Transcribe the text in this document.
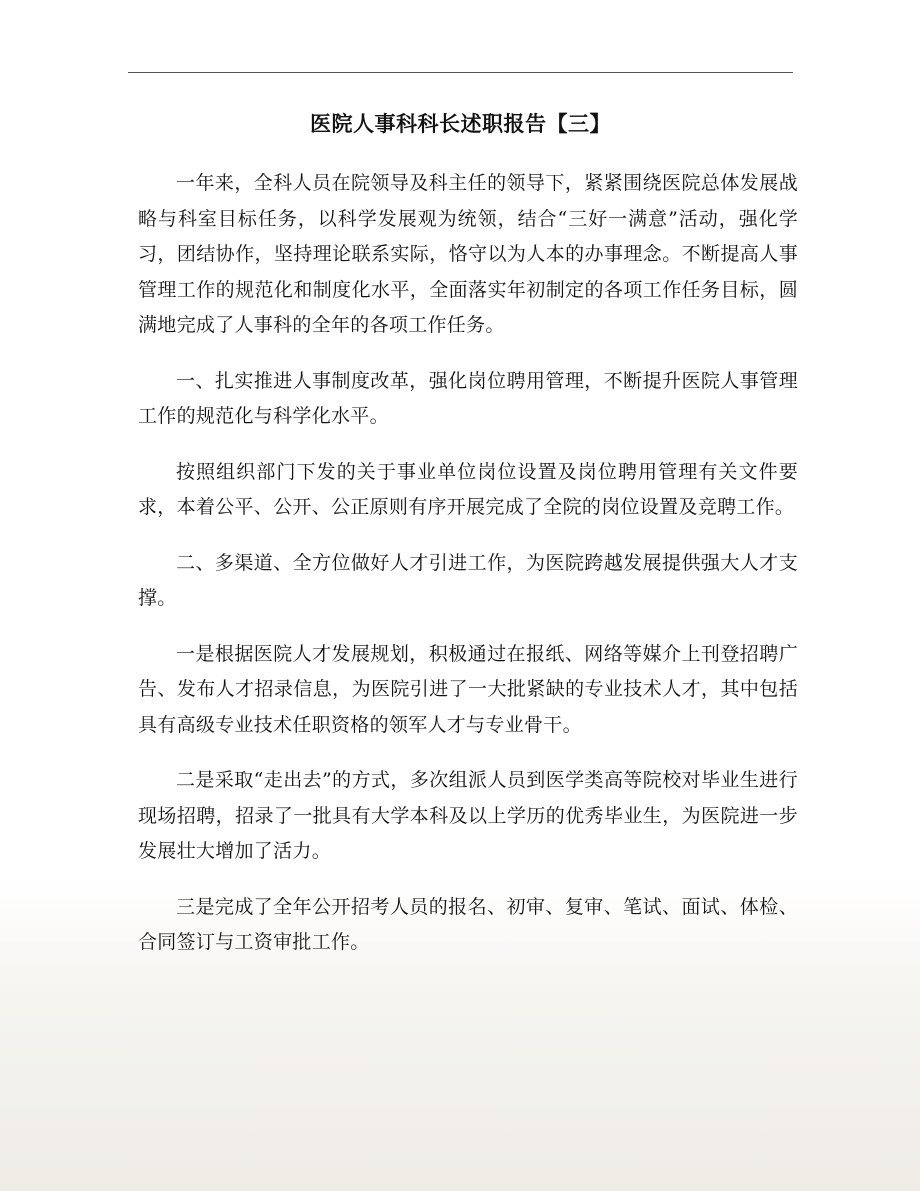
医院人事科科长述职报告【三】

一年来，全科人员在院领导及科主任的领导下，紧紧围绕医院总体发展战略与科室目标任务，以科学发展观为统领，结合“三好一满意”活动，强化学习，团结协作，坚持理论联系实际，恪守以为人本的办事理念。不断提高人事管理工作的规范化和制度化水平，全面落实年初制定的各项工作任务目标，圆满地完成了人事科的全年的各项工作任务。

一、扎实推进人事制度改革，强化岗位聘用管理，不断提升医院人事管理工作的规范化与科学化水平。

按照组织部门下发的关于事业单位岗位设置及岗位聘用管理有关文件要求，本着公平、公开、公正原则有序开展完成了全院的岗位设置及竞聘工作。

二、多渠道、全方位做好人才引进工作，为医院跨越发展提供强大人才支撑。

一是根据医院人才发展规划，积极通过在报纸、网络等媒介上刊登招聘广告、发布人才招录信息，为医院引进了一大批紧缺的专业技术人才，其中包括具有高级专业技术任职资格的领军人才与专业骨干。

二是采取“走出去”的方式，多次组派人员到医学类高等院校对毕业生进行现场招聘，招录了一批具有大学本科及以上学历的优秀毕业生，为医院进一步发展壮大增加了活力。

三是完成了全年公开招考人员的报名、初审、复审、笔试、面试、体检、合同签订与工资审批工作。
